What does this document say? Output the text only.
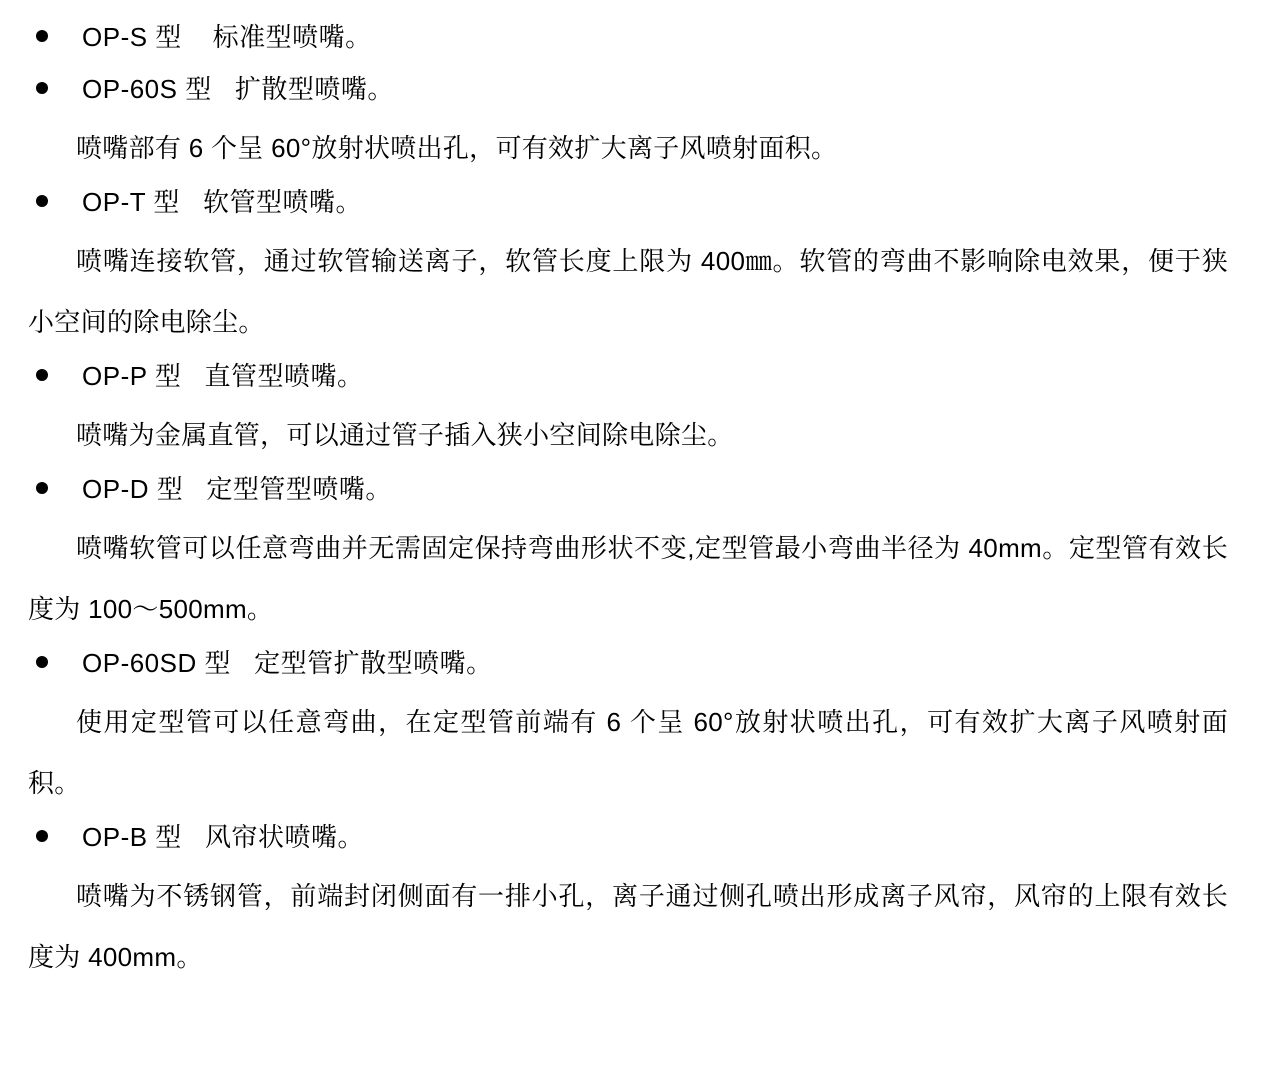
OP-S 型    标准型喷嘴。
OP-60S 型   扩散型喷嘴。

喷嘴部有 6 个呈 60°放射状喷出孔，可有效扩大离子风喷射面积。

OP-T 型   软管型喷嘴。

喷嘴连接软管，通过软管输送离子，软管长度上限为 400㎜。软管的弯曲不影响除电效果，便于狭小空间的除电除尘。

OP-P 型   直管型喷嘴。

喷嘴为金属直管，可以通过管子插入狭小空间除电除尘。

OP-D 型   定型管型喷嘴。

喷嘴软管可以任意弯曲并无需固定保持弯曲形状不变,定型管最小弯曲半径为 40mm。定型管有效长度为 100～500mm。

OP-60SD 型   定型管扩散型喷嘴。

使用定型管可以任意弯曲，在定型管前端有 6 个呈 60°放射状喷出孔，可有效扩大离子风喷射面积。

OP-B 型   风帘状喷嘴。

喷嘴为不锈钢管，前端封闭侧面有一排小孔，离子通过侧孔喷出形成离子风帘，风帘的上限有效长度为 400mm。
